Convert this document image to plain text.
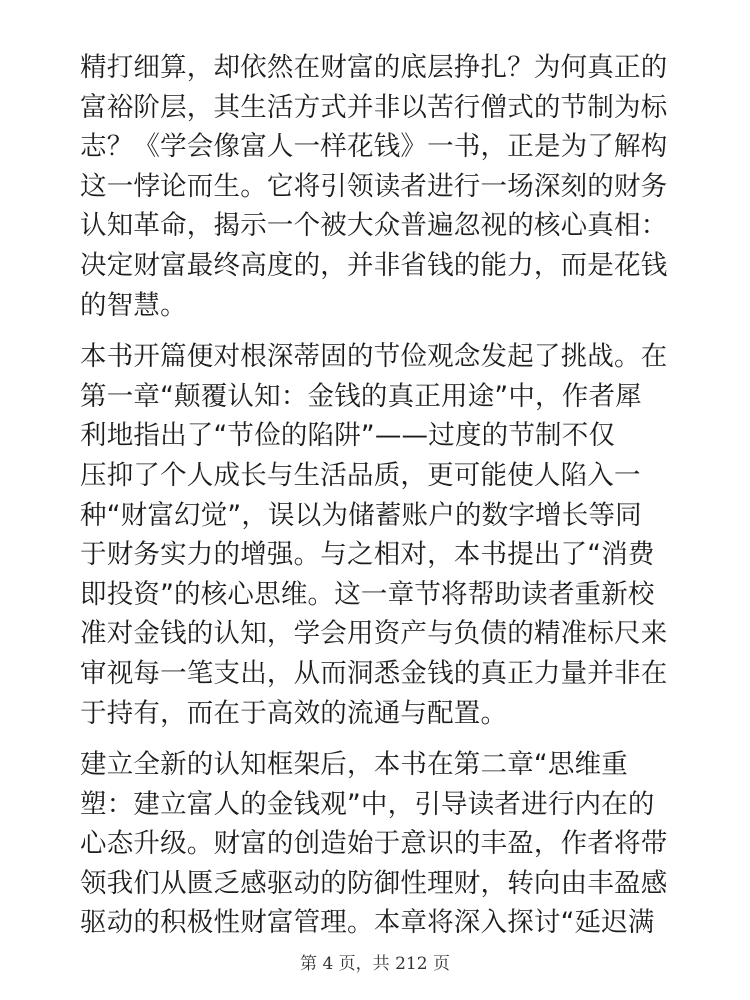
精打细算，却依然在财富的底层挣扎？为何真正的
富裕阶层，其生活方式并非以苦行僧式的节制为标
志？《学会像富人一样花钱》一书，正是为了解构
这一悖论而生。它将引领读者进行一场深刻的财务
认知革命，揭示一个被大众普遍忽视的核心真相：
决定财富最终高度的，并非省钱的能力，而是花钱
的智慧。

本书开篇便对根深蒂固的节俭观念发起了挑战。在
第一章“颠覆认知：金钱的真正用途”中，作者犀
利地指出了“节俭的陷阱”——过度的节制不仅
压抑了个人成长与生活品质，更可能使人陷入一
种“财富幻觉”，误以为储蓄账户的数字增长等同
于财务实力的增强。与之相对，本书提出了“消费
即投资”的核心思维。这一章节将帮助读者重新校
准对金钱的认知，学会用资产与负债的精准标尺来
审视每一笔支出，从而洞悉金钱的真正力量并非在
于持有，而在于高效的流通与配置。

建立全新的认知框架后，本书在第二章“思维重
塑：建立富人的金钱观”中，引导读者进行内在的
心态升级。财富的创造始于意识的丰盈，作者将带
领我们从匮乏感驱动的防御性理财，转向由丰盈感
驱动的积极性财富管理。本章将深入探讨“延迟满

第 4 页，共 212 页
